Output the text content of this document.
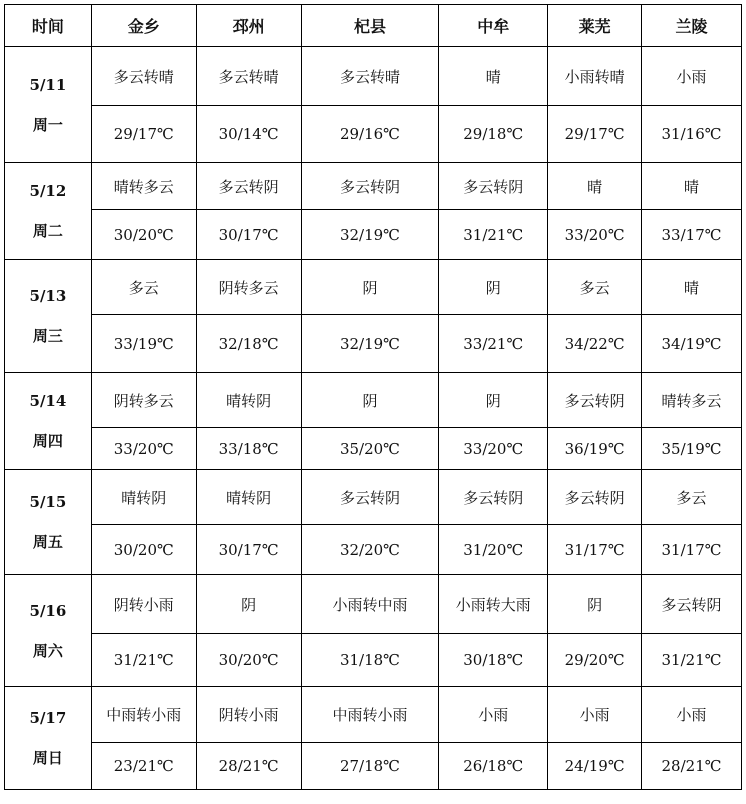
时间	金乡	邳州	杞县	中牟	莱芜	兰陵

5/11
周一	多云转晴	多云转晴	多云转晴	晴	小雨转晴	小雨
	29/17℃	30/14℃	29/16℃	29/18℃	29/17℃	31/16℃

5/12
周二	晴转多云	多云转阴	多云转阴	多云转阴	晴	晴
	30/20℃	30/17℃	32/19℃	31/21℃	33/20℃	33/17℃

5/13
周三	多云	阴转多云	阴	阴	多云	晴
	33/19℃	32/18℃	32/19℃	33/21℃	34/22℃	34/19℃

5/14
周四	阴转多云	晴转阴	阴	阴	多云转阴	晴转多云
	33/20℃	33/18℃	35/20℃	33/20℃	36/19℃	35/19℃

5/15
周五	晴转阴	晴转阴	多云转阴	多云转阴	多云转阴	多云
	30/20℃	30/17℃	32/20℃	31/20℃	31/17℃	31/17℃

5/16
周六	阴转小雨	阴	小雨转中雨	小雨转大雨	阴	多云转阴
	31/21℃	30/20℃	31/18℃	30/18℃	29/20℃	31/21℃

5/17
周日	中雨转小雨	阴转小雨	中雨转小雨	小雨	小雨	小雨
	23/21℃	28/21℃	27/18℃	26/18℃	24/19℃	28/21℃
